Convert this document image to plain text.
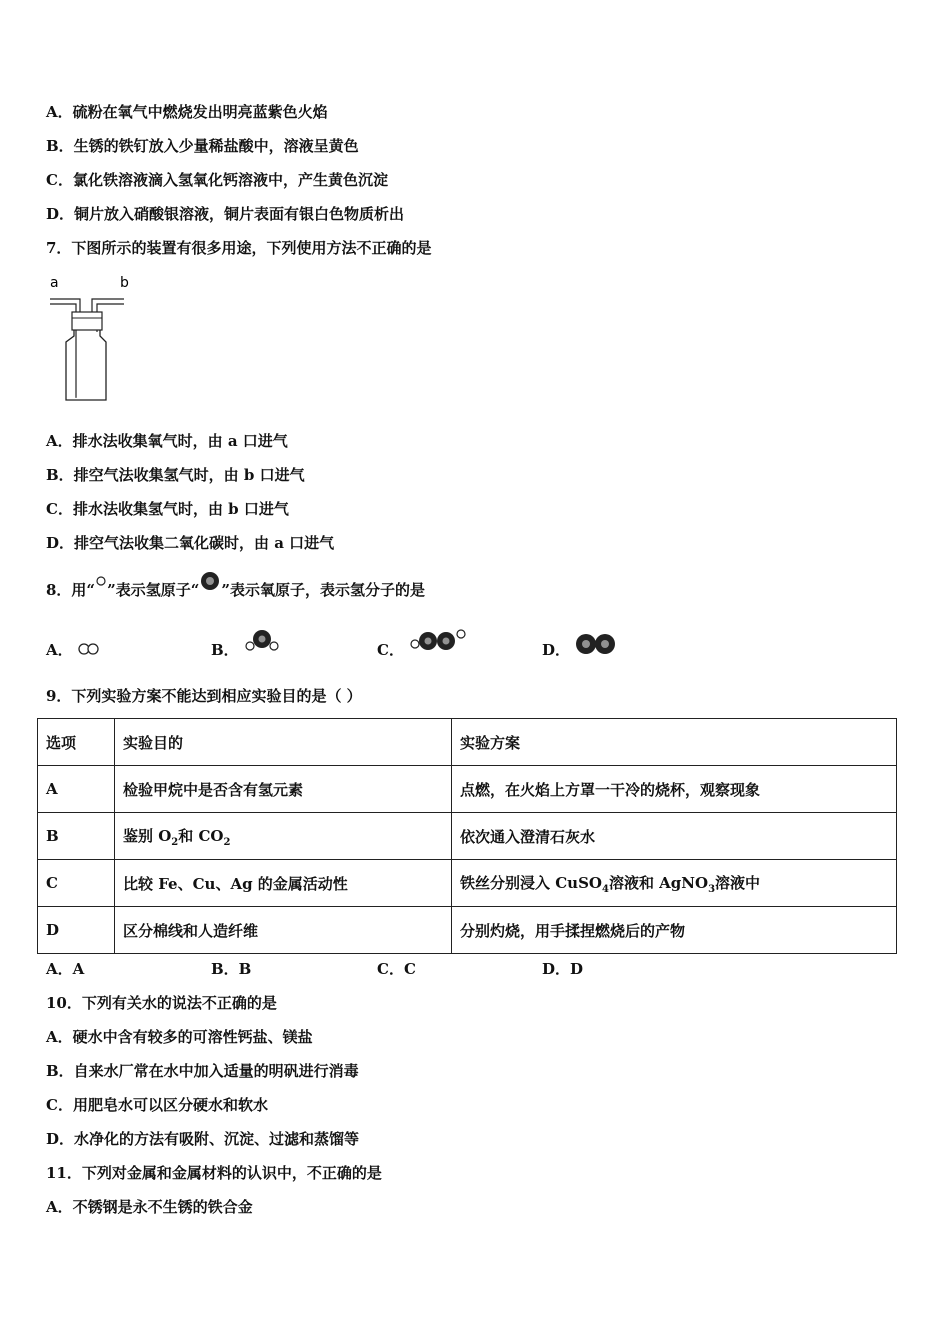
A．硫粉在氧气中燃烧发出明亮蓝紫色火焰
B．生锈的铁钉放入少量稀盐酸中，溶液呈黄色
C．氯化铁溶液滴入氢氧化钙溶液中，产生黄色沉淀
D．铜片放入硝酸银溶液，铜片表面有银白色物质析出
7．下图所示的装置有很多用途，下列使用方法不正确的是
a	b
A．排水法收集氧气时，由 a 口进气
B．排空气法收集氢气时，由 b 口进气
C．排水法收集氢气时，由 b 口进气
D．排空气法收集二氧化碳时，由 a 口进气
8．用“ ”表示氢原子“ ”表示氧原子，表示氢分子的是
A．	B．	C．	D．
9．下列实验方案不能达到相应实验目的是（ ）
选项	实验目的	实验方案
A	检验甲烷中是否含有氢元素	点燃，在火焰上方罩一干冷的烧杯，观察现象
B	鉴别 $O_2$和 $CO_2$	依次通入澄清石灰水
C	比较 Fe、Cu、Ag 的金属活动性	铁丝分别浸入 CuSO$_4$溶液和 AgNO$_3$溶液中
D	区分棉线和人造纤维	分别灼烧，用手揉捏燃烧后的产物
A．A	B．B	C．C	D．D
10．下列有关水的说法不正确的是
A．硬水中含有较多的可溶性钙盐、镁盐
B．自来水厂常在水中加入适量的明矾进行消毒
C．用肥皂水可以区分硬水和软水
D．水净化的方法有吸附、沉淀、过滤和蒸馏等
11．下列对金属和金属材料的认识中，不正确的是
A．不锈钢是永不生锈的铁合金
